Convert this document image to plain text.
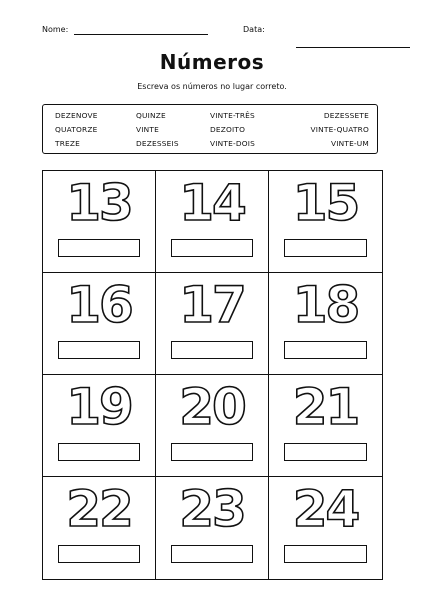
Nome:	Data:
Números
Escreva os números no lugar correto.
DEZENOVE	QUINZE	VINTE-TRÊS	DEZESSETE
QUATORZE	VINTE	DEZOITO	VINTE-QUATRO
TREZE	DEZESSEIS	VINTE-DOIS	VINTE-UM
13 14 15
16 17 18
19 20 21
22 23 24
